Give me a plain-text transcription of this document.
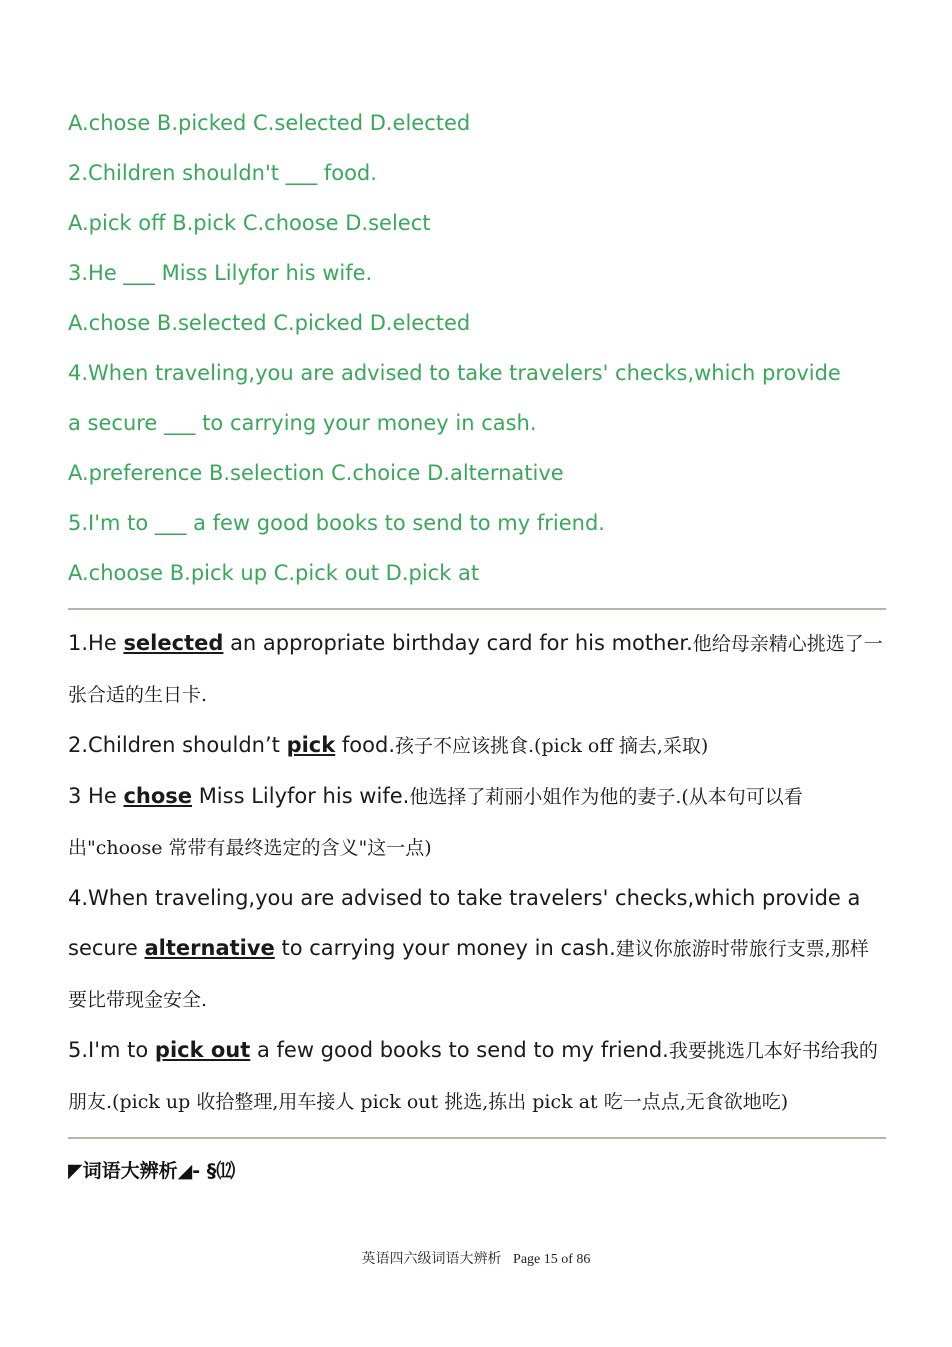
A.chose B.picked C.selected D.elected
2.Children shouldn't ___ food.
A.pick off B.pick C.choose D.select
3.He ___ Miss Lilyfor his wife.
A.chose B.selected C.picked D.elected
4.When traveling,you are advised to take travelers' checks,which provide
a secure ___ to carrying your money in cash.
A.preference B.selection C.choice D.alternative
5.I'm to ___ a few good books to send to my friend.
A.choose B.pick up C.pick out D.pick at
1.He selected an appropriate birthday card for his mother.他给母亲精心挑选了一张合适的生日卡.
2.Children shouldn’t pick food.孩子不应该挑食.(pick off 摘去,采取)
3 He chose Miss Lilyfor his wife.他选择了莉丽小姐作为他的妻子.(从本句可以看出"choose 常带有最终选定的含义"这一点)
4.When traveling,you are advised to take travelers' checks,which provide a secure alternative to carrying your money in cash.建议你旅游时带旅行支票,那样要比带现金安全.
5.I'm to pick out a few good books to send to my friend.我要挑选几本好书给我的朋友.(pick up 收拾整理,用车接人 pick out 挑选,拣出 pick at 吃一点点,无食欲地吃)
◤词语大辨析◢- §⑿
英语四六级词语大辨析 Page 15 of 86
